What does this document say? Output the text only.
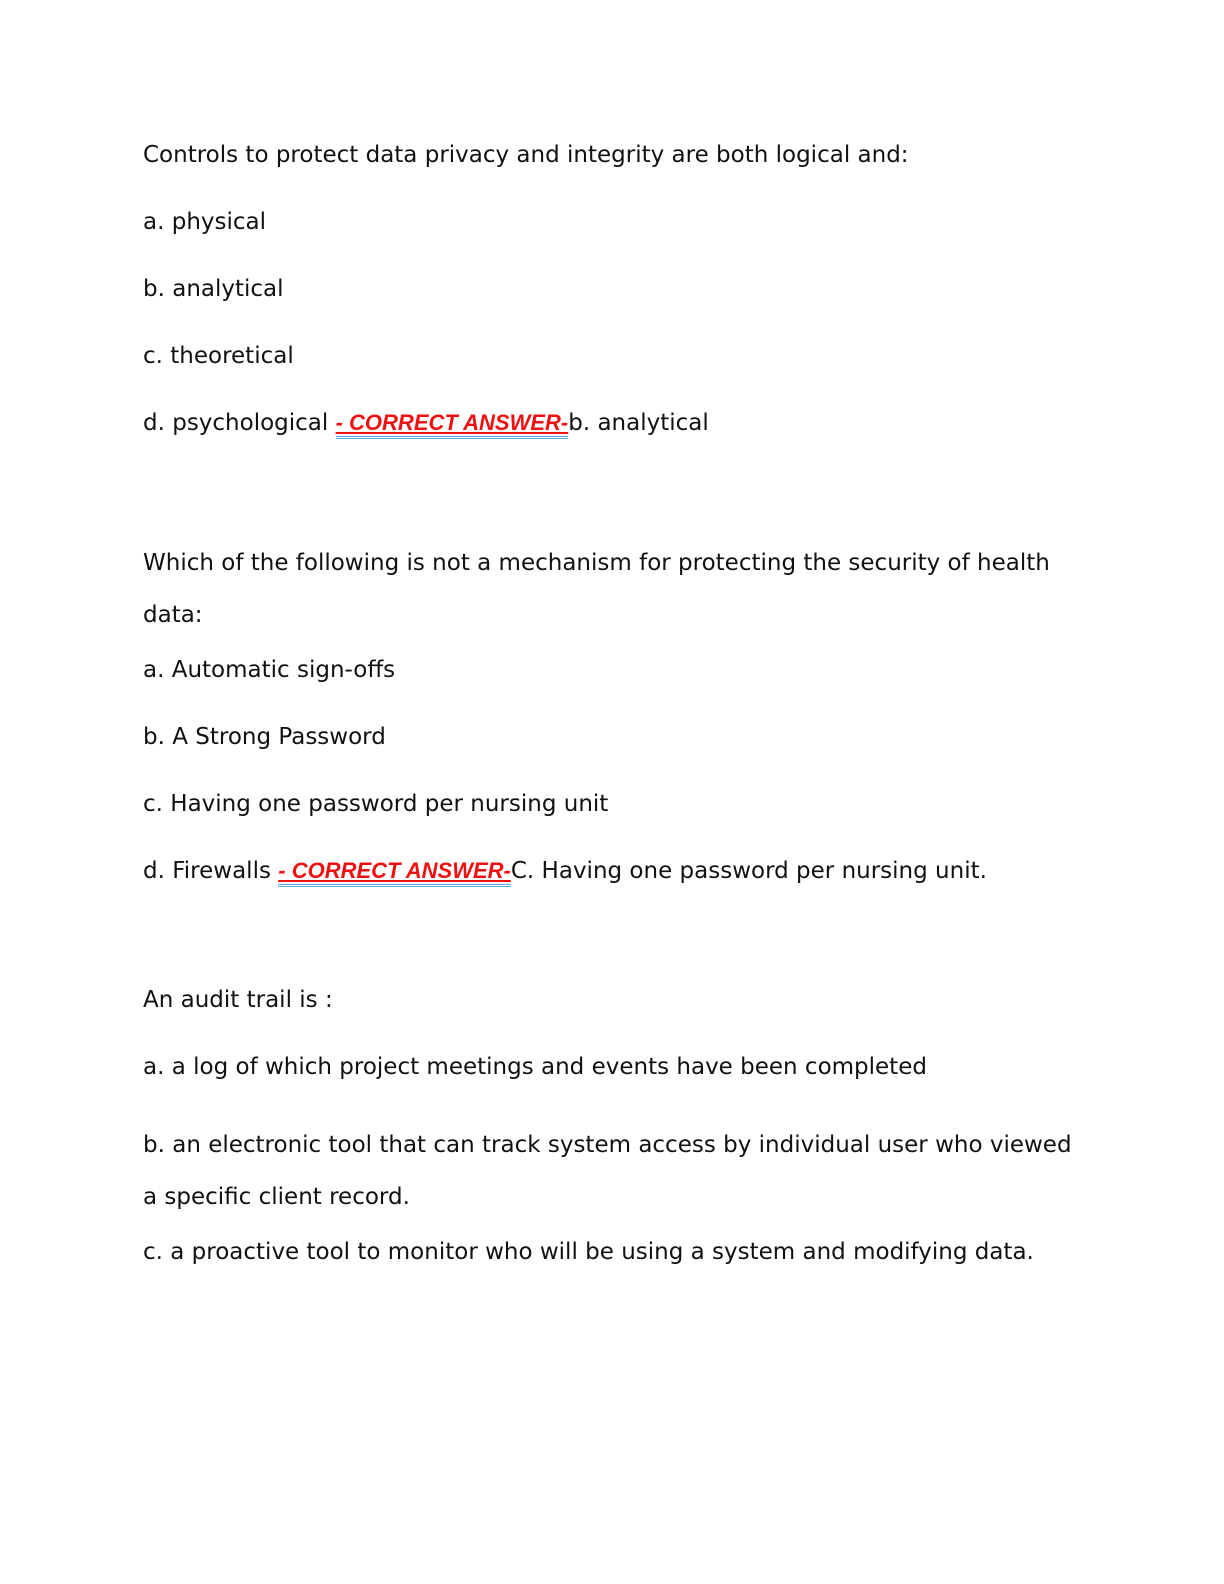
Controls to protect data privacy and integrity are both logical and:

a. physical

b. analytical

c. theoretical

d. psychological - CORRECT ANSWER-b. analytical

Which of the following is not a mechanism for protecting the security of health data:

a. Automatic sign-offs

b. A Strong Password

c. Having one password per nursing unit

d. Firewalls - CORRECT ANSWER-C. Having one password per nursing unit.

An audit trail is :

a. a log of which project meetings and events have been completed

b. an electronic tool that can track system access by individual user who viewed a specific client record.

c. a proactive tool to monitor who will be using a system and modifying data.
